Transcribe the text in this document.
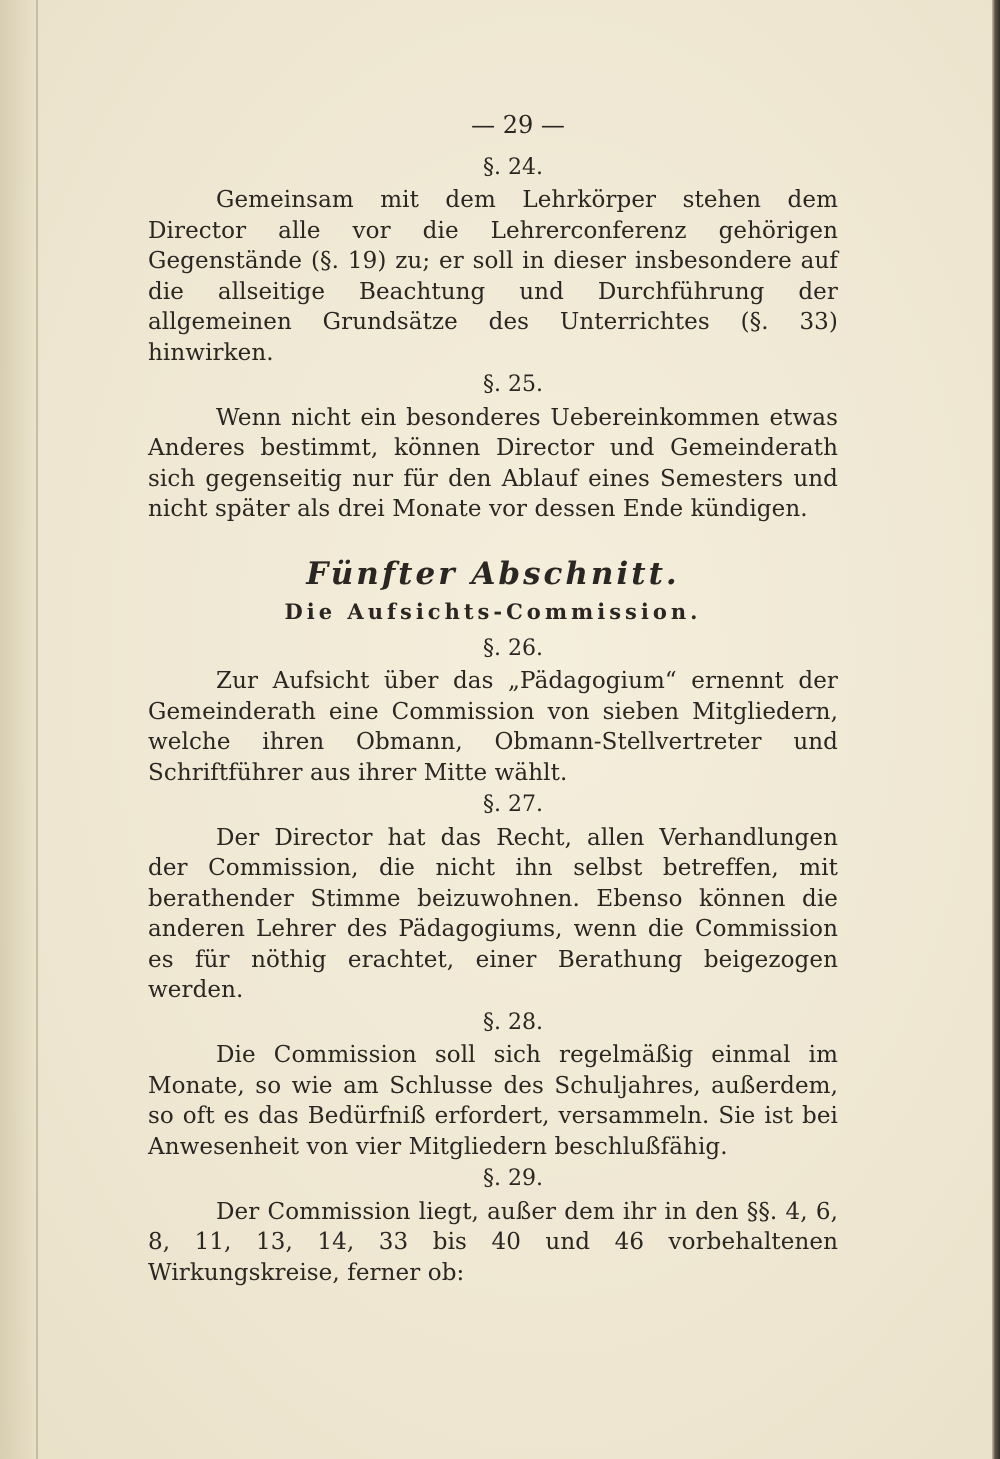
— 29 —
§. 24.

Gemeinsam mit dem Lehrkörper stehen dem Director alle vor die Lehrerconferenz gehörigen Gegenstände (§. 19) zu; er soll in dieser insbesondere auf die allseitige Beachtung und Durchführung der allgemeinen Grundsätze des Unterrichtes (§. 33) hinwirken.

§. 25.

Wenn nicht ein besonderes Uebereinkommen etwas Anderes bestimmt, können Director und Gemeinderath sich gegenseitig nur für den Ablauf eines Semesters und nicht später als drei Monate vor dessen Ende kündigen.

Fünfter Abschnitt.
Die Aufsichts-Commission.
§. 26.

Zur Aufsicht über das „Pädagogium“ ernennt der Gemeinderath eine Commission von sieben Mitgliedern, welche ihren Obmann, Obmann-Stellvertreter und Schriftführer aus ihrer Mitte wählt.

§. 27.

Der Director hat das Recht, allen Verhandlungen der Commission, die nicht ihn selbst betreffen, mit berathender Stimme beizuwohnen. Ebenso können die anderen Lehrer des Pädagogiums, wenn die Commission es für nöthig erachtet, einer Berathung beigezogen werden.

§. 28.

Die Commission soll sich regelmäßig einmal im Monate, so wie am Schlusse des Schuljahres, außerdem, so oft es das Bedürfniß erfordert, versammeln. Sie ist bei Anwesenheit von vier Mitgliedern beschlußfähig.

§. 29.

Der Commission liegt, außer dem ihr in den §§. 4, 6, 8, 11, 13, 14, 33 bis 40 und 46 vorbehaltenen Wirkungskreise, ferner ob:
